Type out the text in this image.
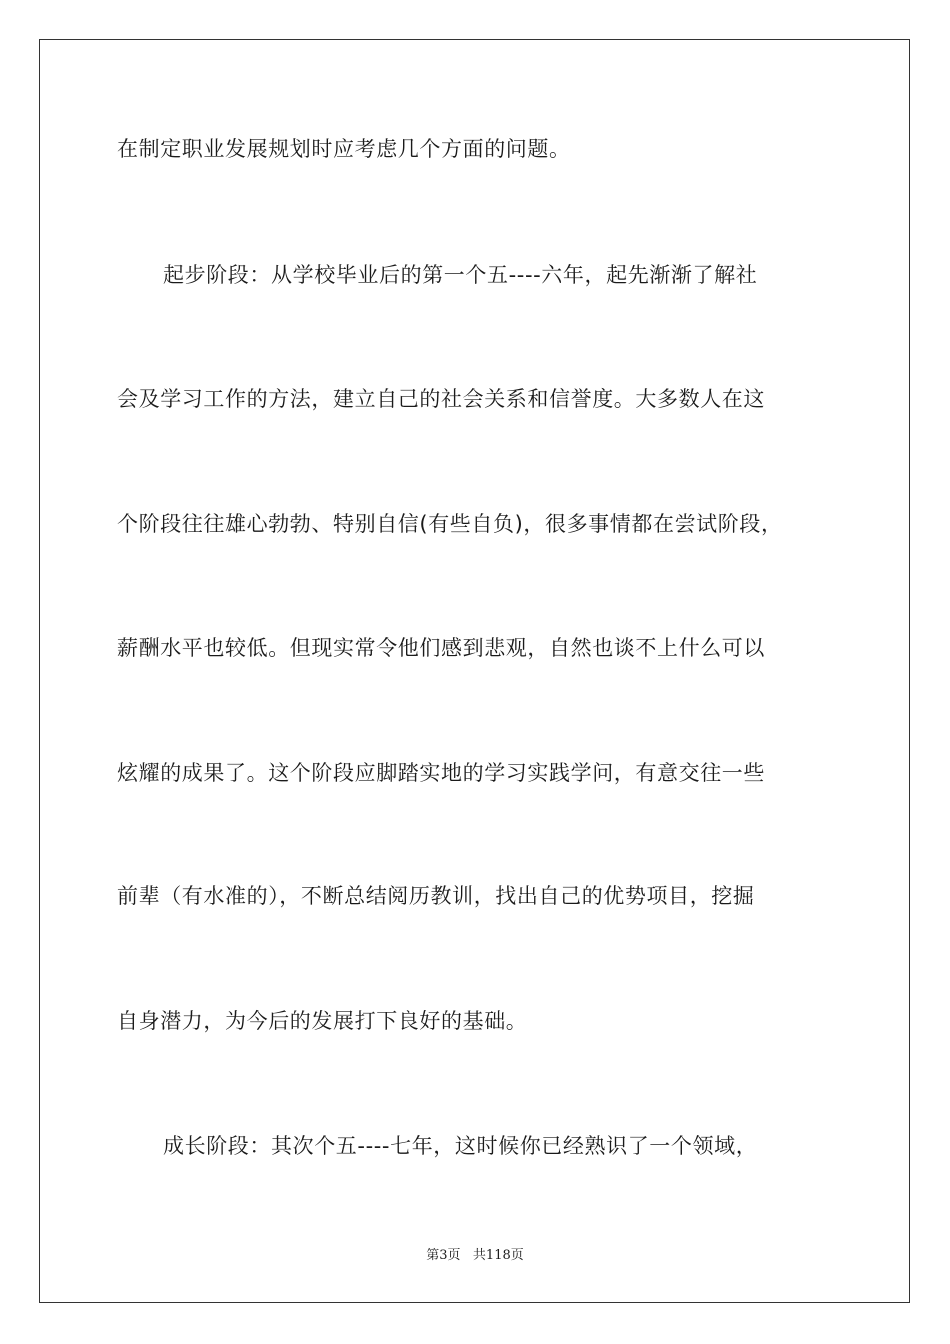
在制定职业发展规划时应考虑几个方面的问题。
起步阶段：从学校毕业后的第一个五----六年，起先渐渐了解社
会及学习工作的方法，建立自己的社会关系和信誉度。大多数人在这
个阶段往往雄心勃勃、特别自信(有些自负)，很多事情都在尝试阶段，
薪酬水平也较低。但现实常令他们感到悲观，自然也谈不上什么可以
炫耀的成果了。这个阶段应脚踏实地的学习实践学问，有意交往一些
前辈（有水准的），不断总结阅历教训，找出自己的优势项目，挖掘
自身潜力，为今后的发展打下良好的基础。
成长阶段：其次个五----七年，这时候你已经熟识了一个领域，
第3页   共118页
